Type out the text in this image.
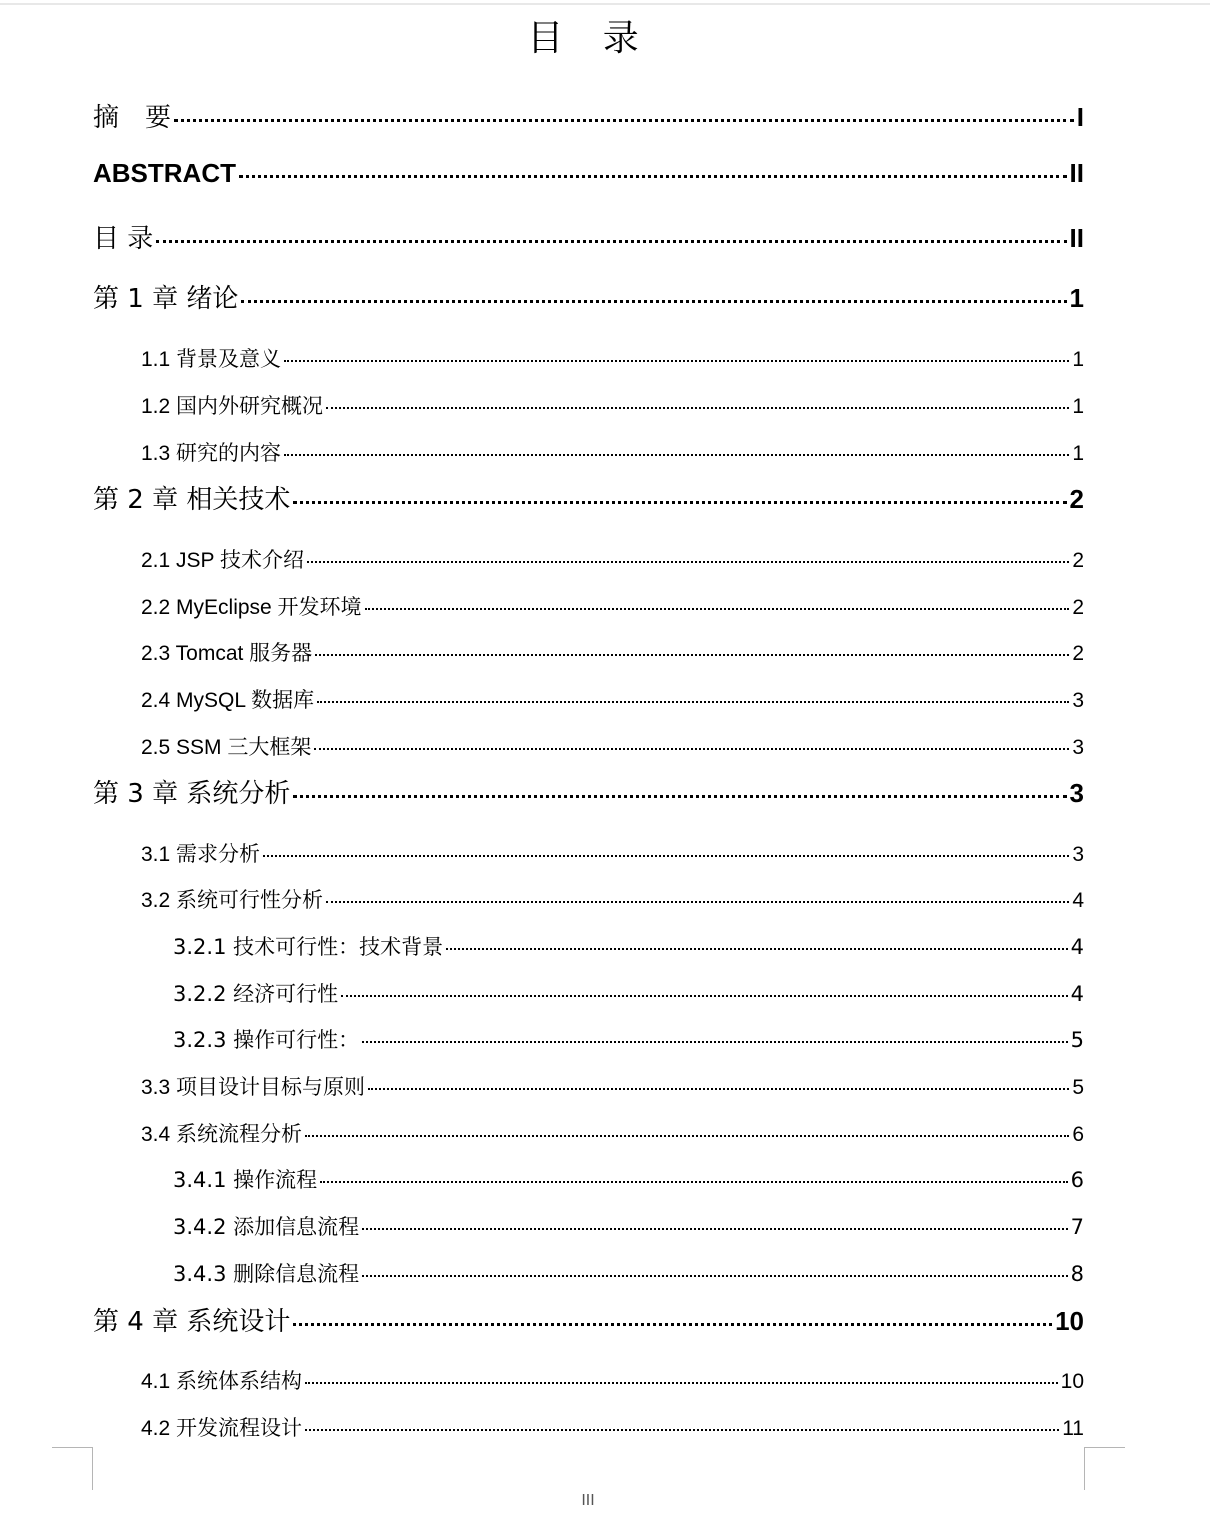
目 录
摘　要	I
ABSTRACT	II
目 录	II
第 1 章 绪论	1
1.1 背景及意义	1
1.2 国内外研究概况	1
1.3 研究的内容	1
第 2 章 相关技术	2
2.1 JSP 技术介绍	2
2.2 MyEclipse 开发环境	2
2.3 Tomcat 服务器	2
2.4 MySQL 数据库	3
2.5 SSM 三大框架	3
第 3 章 系统分析	3
3.1 需求分析	3
3.2 系统可行性分析	4
3.2.1 技术可行性：技术背景	4
3.2.2 经济可行性	4
3.2.3 操作可行性：	5
3.3 项目设计目标与原则	5
3.4 系统流程分析	6
3.4.1 操作流程	6
3.4.2 添加信息流程	7
3.4.3 删除信息流程	8
第 4 章 系统设计	10
4.1 系统体系结构	10
4.2 开发流程设计	11
III
